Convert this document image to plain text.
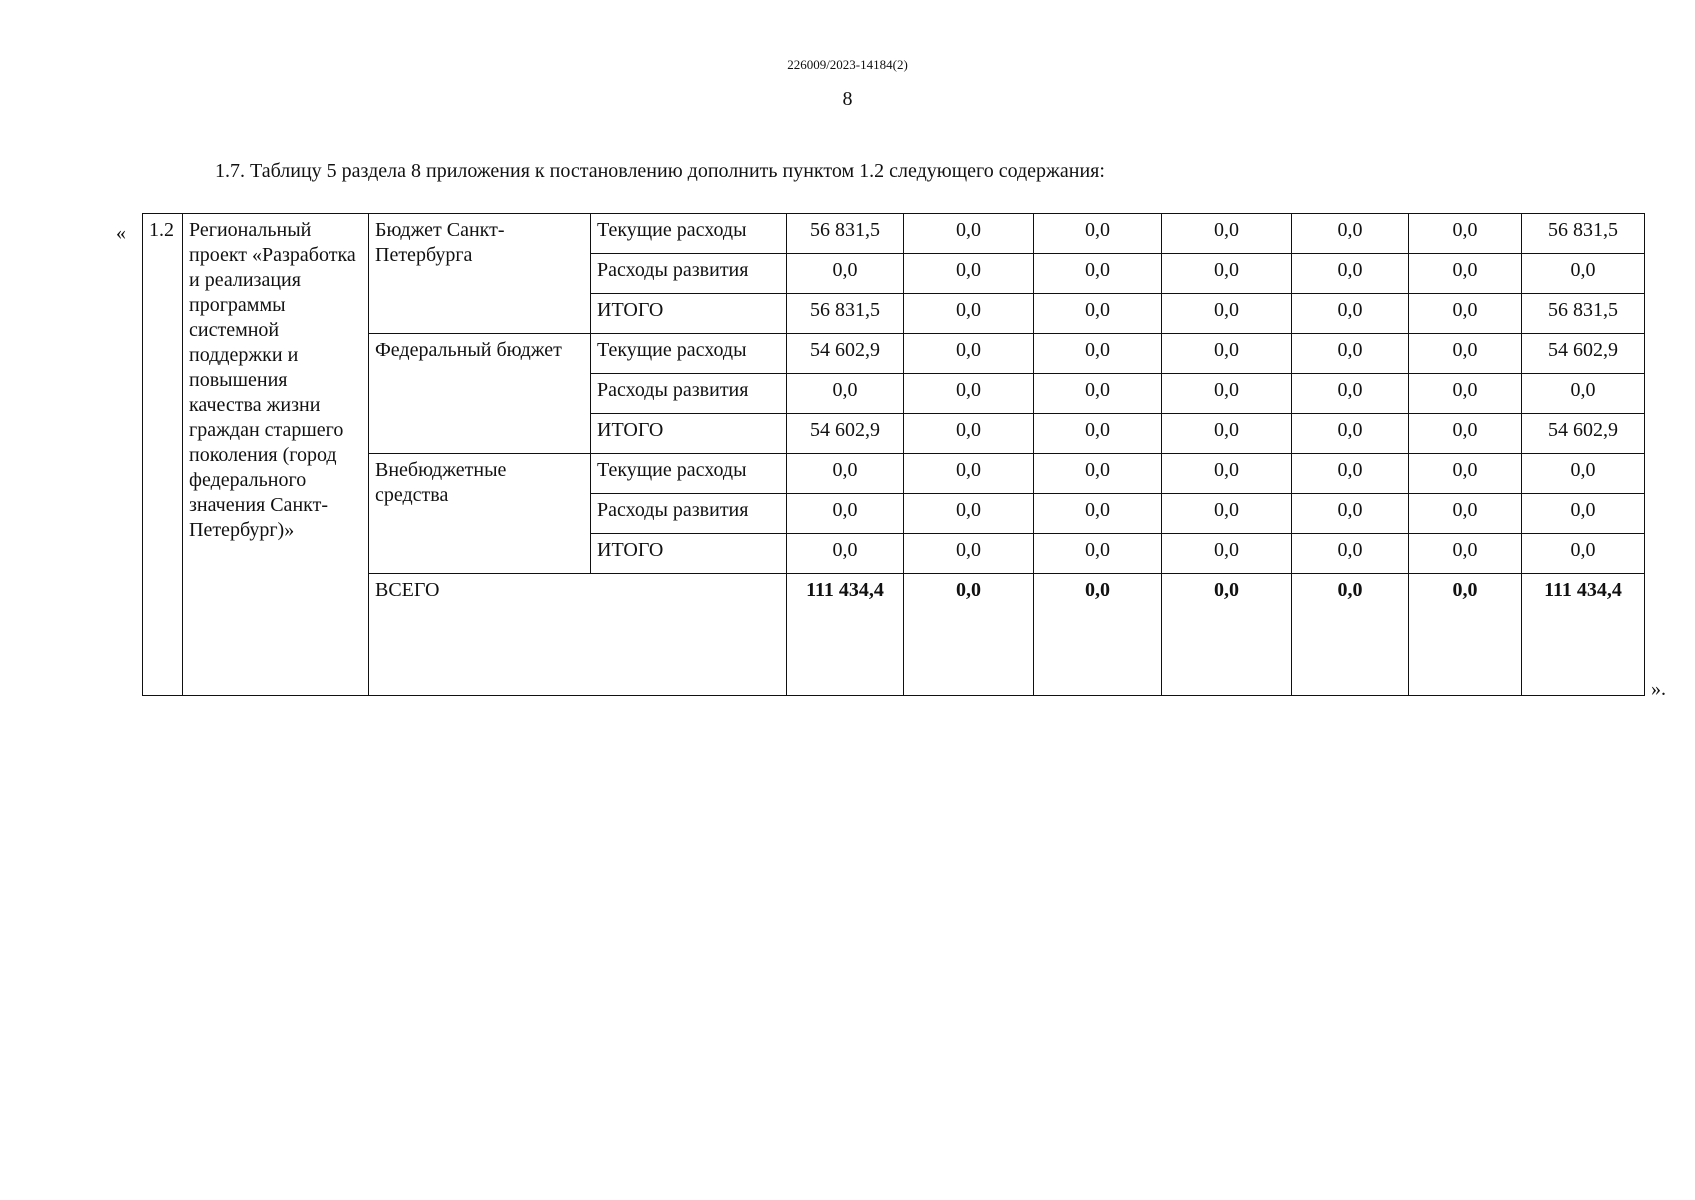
226009/2023-14184(2)
8
1.7. Таблицу 5 раздела 8 приложения к постановлению дополнить пунктом 1.2 следующего содержания:
«
».
1.2	Региональный проект «Разработка и реализация программы системной поддержки и повышения качества жизни граждан старшего поколения (город федерального значения Санкт-Петербург)»	Бюджет Санкт-Петербурга	Текущие расходы	56 831,5	0,0	0,0	0,0	0,0	0,0	56 831,5
			Расходы развития	0,0	0,0	0,0	0,0	0,0	0,0	0,0
			ИТОГО	56 831,5	0,0	0,0	0,0	0,0	0,0	56 831,5
		Федеральный бюджет	Текущие расходы	54 602,9	0,0	0,0	0,0	0,0	0,0	54 602,9
			Расходы развития	0,0	0,0	0,0	0,0	0,0	0,0	0,0
			ИТОГО	54 602,9	0,0	0,0	0,0	0,0	0,0	54 602,9
		Внебюджетные средства	Текущие расходы	0,0	0,0	0,0	0,0	0,0	0,0	0,0
			Расходы развития	0,0	0,0	0,0	0,0	0,0	0,0	0,0
			ИТОГО	0,0	0,0	0,0	0,0	0,0	0,0	0,0
		ВСЕГО		111 434,4	0,0	0,0	0,0	0,0	0,0	111 434,4
